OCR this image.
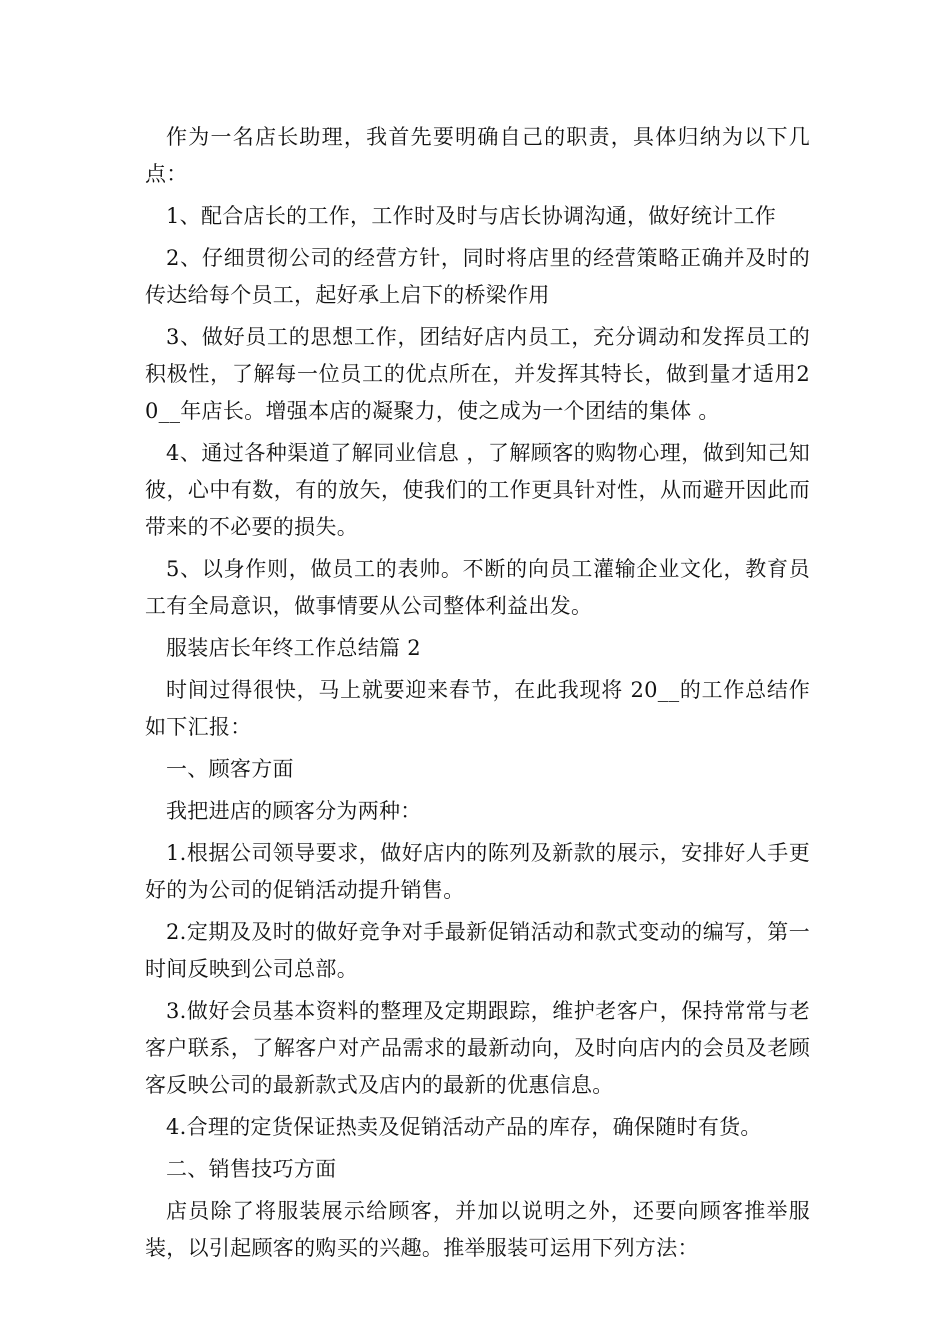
作为一名店长助理，我首先要明确自己的职责，具体归纳为以下几点：

1、配合店长的工作，工作时及时与店长协调沟通，做好统计工作

2、仔细贯彻公司的经营方针，同时将店里的经营策略正确并及时的传达给每个员工，起好承上启下的桥梁作用

3、做好员工的思想工作，团结好店内员工，充分调动和发挥员工的积极性，了解每一位员工的优点所在，并发挥其特长，做到量才适用20__年店长。增强本店的凝聚力，使之成为一个团结的集体 。

4、通过各种渠道了解同业信息 ，了解顾客的购物心理，做到知己知彼，心中有数，有的放矢，使我们的工作更具针对性，从而避开因此而带来的不必要的损失。

5、以身作则，做员工的表帅。不断的向员工灌输企业文化，教育员工有全局意识，做事情要从公司整体利益出发。

服装店长年终工作总结篇 2

时间过得很快，马上就要迎来春节，在此我现将 20__的工作总结作如下汇报：

一、顾客方面

我把进店的顾客分为两种：

1.根据公司领导要求，做好店内的陈列及新款的展示，安排好人手更好的为公司的促销活动提升销售。

2.定期及及时的做好竞争对手最新促销活动和款式变动的编写，第一时间反映到公司总部。

3.做好会员基本资料的整理及定期跟踪，维护老客户，保持常常与老客户联系，了解客户对产品需求的最新动向，及时向店内的会员及老顾客反映公司的最新款式及店内的最新的优惠信息。

4.合理的定货保证热卖及促销活动产品的库存，确保随时有货。

二、销售技巧方面

店员除了将服装展示给顾客，并加以说明之外，还要向顾客推举服装，以引起顾客的购买的兴趣。推举服装可运用下列方法：
